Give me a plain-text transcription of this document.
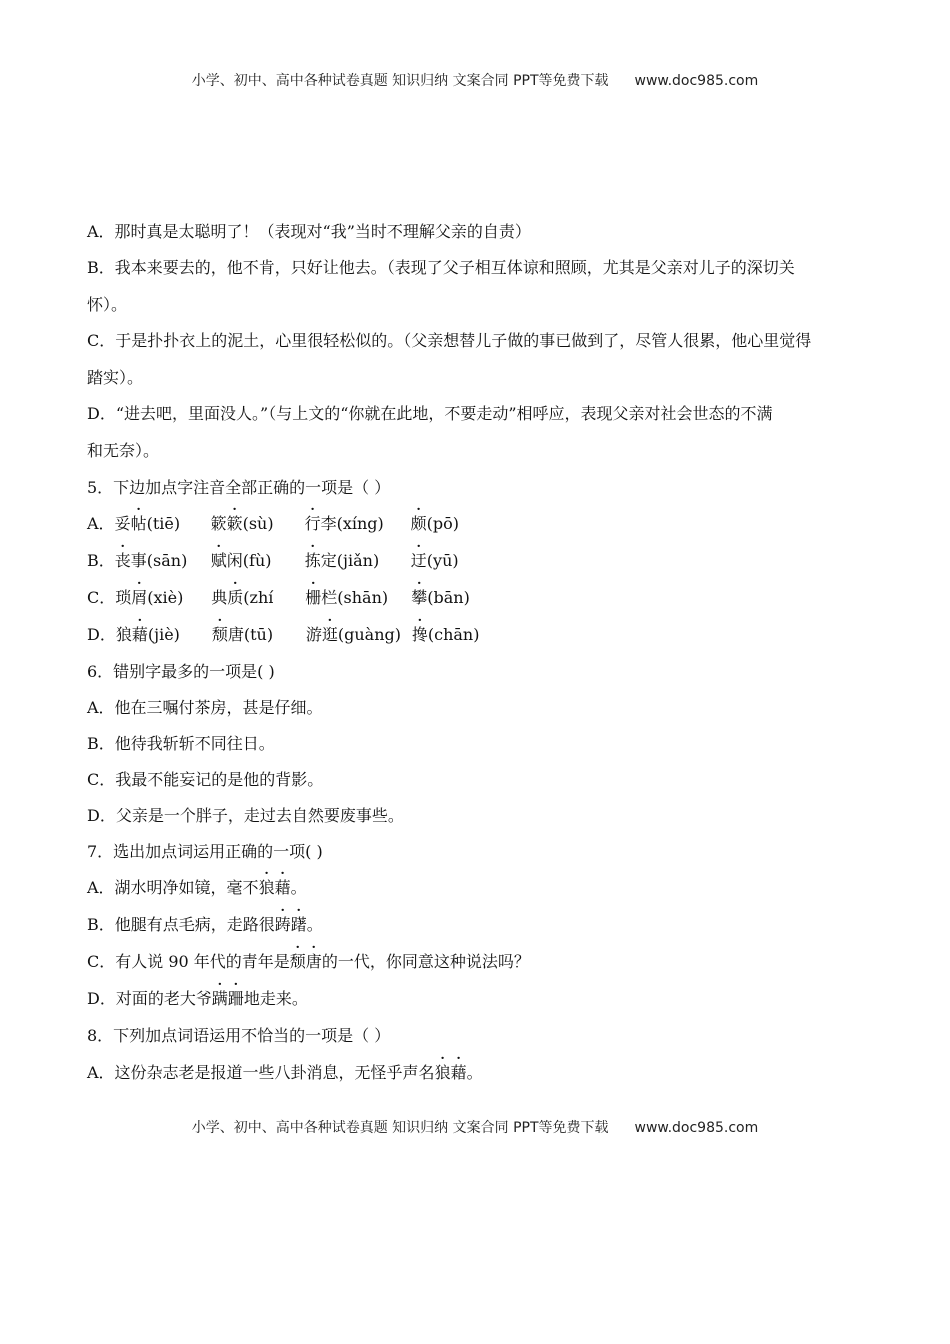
小学、初中、高中各种试卷真题 知识归纳 文案合同 PPT等免费下载 www.doc985.com
A．那时真是太聪明了！（表现对“我”当时不理解父亲的自责）
B．我本来要去的，他不肯，只好让他去。（表现了父子相互体谅和照顾，尤其是父亲对儿子的深切关
怀）。
C．于是扑扑衣上的泥土，心里很轻松似的。（父亲想替儿子做的事已做到了，尽管人很累，他心里觉得
踏实）。
D．“进去吧，里面没人。”（与上文的“你就在此地，不要走动”相呼应，表现父亲对社会世态的不满
和无奈）。
5．下边加点字注音全部正确的一项是（ ）
A．妥帖(tiē) 簌簌(sù) 行李(xíng) 颇(pō)
B．丧事(sān) 赋闲(fù) 拣定(jiǎn) 迂(yū)
C．琐屑(xiè) 典质(zhí 栅栏(shān) 攀(bān)
D．狼藉(jiè) 颓唐(tū) 游逛(guàng) 搀(chān)
6．错别字最多的一项是( )
A．他在三嘱付茶房，甚是仔细。
B．他待我斩斩不同往日。
C．我最不能妄记的是他的背影。
D．父亲是一个胖子，走过去自然要废事些。
7．选出加点词运用正确的一项( )
A．湖水明净如镜，毫不狼藉。
B．他腿有点毛病，走路很踌躇。
C．有人说 90 年代的青年是颓唐的一代，你同意这种说法吗？
D．对面的老大爷蹒跚地走来。
8．下列加点词语运用不恰当的一项是（ ）
A．这份杂志老是报道一些八卦消息，无怪乎声名狼藉。
小学、初中、高中各种试卷真题 知识归纳 文案合同 PPT等免费下载 www.doc985.com
